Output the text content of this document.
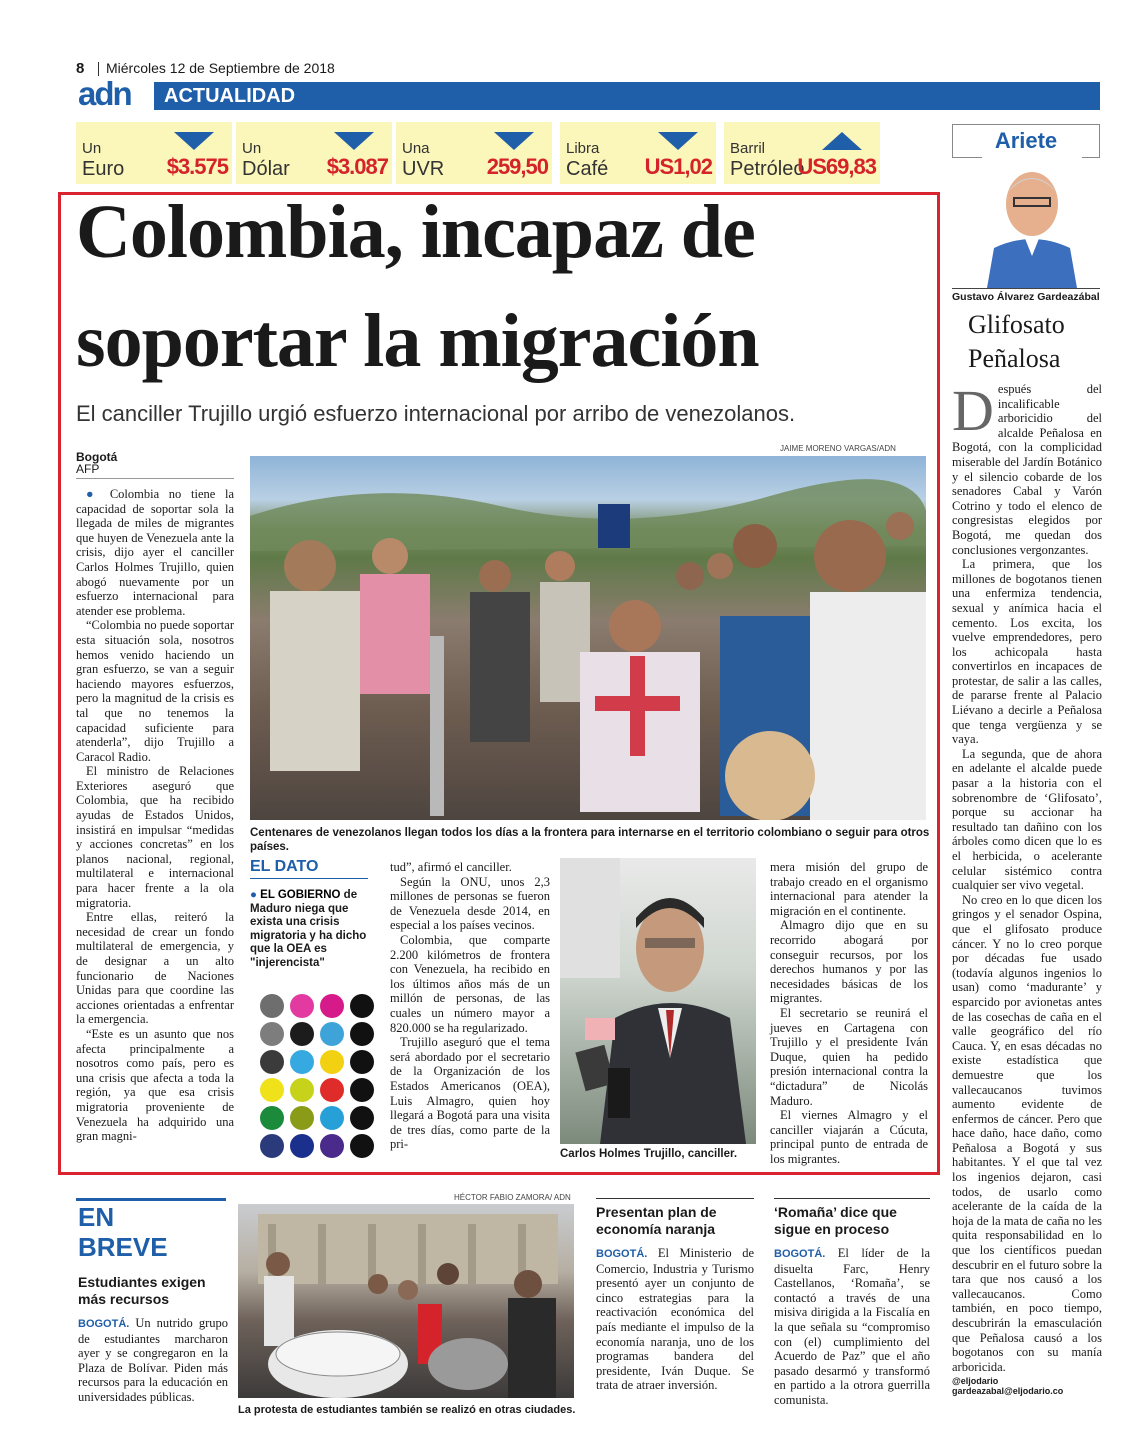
8 Miércoles 12 de Septiembre de 2018
adn ACTUALIDAD
Un
Euro $3.575
Un
Dólar $3.087
Una
UVR 259,50
Libra
Café US1,02
Barril
Petróleo
US69,83
Colombia, incapaz de
soportar la migración
El canciller Trujillo urgió esfuerzo internacional por arribo de venezolanos.
Bogotá
AFP

● Colombia no tiene la capacidad de soportar sola la llegada de miles de migrantes que huyen de Venezuela ante la crisis, dijo ayer el canciller Carlos Holmes Trujillo, quien abogó nuevamente por un esfuerzo internacional para atender ese problema.

“Colombia no puede soportar esta situación sola, nosotros hemos venido haciendo un gran esfuerzo, se van a seguir haciendo mayores esfuerzos, pero la magnitud de la crisis es tal que no tenemos la capacidad suficiente para atenderla”, dijo Trujillo a Caracol Radio.

El ministro de Relaciones Exteriores aseguró que Colombia, que ha recibido ayudas de Estados Unidos, insistirá en impulsar “medidas y acciones concretas” en los planos nacional, regional, multilateral e internacional para hacer frente a la ola migratoria.

Entre ellas, reiteró la necesidad de crear un fondo multilateral de emergencia, y de designar a un alto funcionario de Naciones Unidas para que coordine las acciones orientadas a enfrentar la emergencia.

“Este es un asunto que nos afecta principalmente a nosotros como país, pero es una crisis que afecta a toda la región, ya que esa crisis migratoria proveniente de Venezuela ha adquirido una gran magni-

JAIME MORENO VARGAS/ADN
Centenares de venezolanos llegan todos los días a la frontera para internarse en el territorio colombiano o seguir para otros países.
EL DATO
● EL GOBIERNO de Maduro niega que exista una crisis migratoria y ha dicho que la OEA es "injerencista"

tud”, afirmó el canciller.

Según la ONU, unos 2,3 millones de personas se fueron de Venezuela desde 2014, en especial a los países vecinos.

Colombia, que comparte 2.200 kilómetros de frontera con Venezuela, ha recibido en los últimos años más de un millón de personas, de las cuales un número mayor a 820.000 se ha regularizado.

Trujillo aseguró que el tema será abordado por el secretario de la Organización de los Estados Americanos (OEA), Luis Almagro, quien hoy llegará a Bogotá para una visita de tres días, como parte de la pri-

Carlos Holmes Trujillo, canciller.

mera misión del grupo de trabajo creado en el organismo internacional para atender la migración en el continente.

Almagro dijo que en su recorrido abogará por conseguir recursos, por los derechos humanos y por las necesidades básicas de los migrantes.

El secretario se reunirá el jueves en Cartagena con Trujillo y el presidente Iván Duque, quien ha pedido presión internacional contra la “dictadura” de Nicolás Maduro.

El viernes Almagro y el canciller viajarán a Cúcuta, principal punto de entrada de los migrantes.

EN
BREVE
Estudiantes exigen más recursos
BOGOTÁ. Un nutrido grupo de estudiantes marcharon ayer y se congregaron en la Plaza de Bolívar. Piden más recursos para la educación en universidades públicas.
HÉCTOR FABIO ZAMORA/ ADN
La protesta de estudiantes también se realizó en otras ciudades.
Presentan plan de economía naranja
BOGOTÁ. El Ministerio de Comercio, Industria y Turismo presentó ayer un conjunto de cinco estrategias para la reactivación económica del país mediante el impulso de la economía naranja, uno de los programas bandera del presidente, Iván Duque. Se trata de atraer inversión.
‘Romaña’ dice que sigue en proceso
BOGOTÁ. El líder de la disuelta Farc, Henry Castellanos, ‘Romaña’, se contactó a través de una misiva dirigida a la Fiscalía en la que señala su “compromiso con (el) cumplimiento del Acuerdo de Paz” que el año pasado desarmó y transformó en partido a la otrora guerrilla comunista.
Ariete
Gustavo Álvarez Gardeazábal
Glifosato
Peñalosa
Después del incalificable arboricidio del alcalde Peñalosa en Bogotá, con la complicidad miserable del Jardín Botánico y el silencio cobarde de los senadores Cabal y Varón Cotrino y todo el elenco de congresistas elegidos por Bogotá, me quedan dos conclusiones vergonzantes.

La primera, que los millones de bogotanos tienen una enfermiza tendencia, sexual y anímica hacia el cemento. Los excita, los vuelve emprendedores, pero los achicopala hasta convertirlos en incapaces de protestar, de salir a las calles, de pararse frente al Palacio Liévano a decirle a Peñalosa que tenga vergüenza y se vaya.

La segunda, que de ahora en adelante el alcalde puede pasar a la historia con el sobrenombre de ‘Glifosato’, porque su accionar ha resultado tan dañino con los árboles como dicen que lo es el herbicida, o acelerante celular sistémico contra cualquier ser vivo vegetal.

No creo en lo que dicen los gringos y el senador Ospina, que el glifosato produce cáncer. Y no lo creo porque por décadas fue usado (todavía algunos ingenios lo usan) como ‘madurante’ y esparcido por avionetas antes de las cosechas de caña en el valle geográfico del río Cauca. Y, en esas décadas no existe estadística que demuestre que los vallecaucanos tuvimos aumento evidente de enfermos de cáncer. Pero que hace daño, hace daño, como Peñalosa a Bogotá y sus habitantes. Y el que tal vez los ingenios dejaron, casi todos, de usarlo como acelerante de la caída de la hoja de la mata de caña no les quita responsabilidad en lo que los científicos puedan descubrir en el futuro sobre la tara que nos causó a los vallecaucanos. Como también, en poco tiempo, descubrirán la emasculación que Peñalosa causó a los bogotanos con su manía arboricida.

@eljodario
gardeazabal@eljodario.co
